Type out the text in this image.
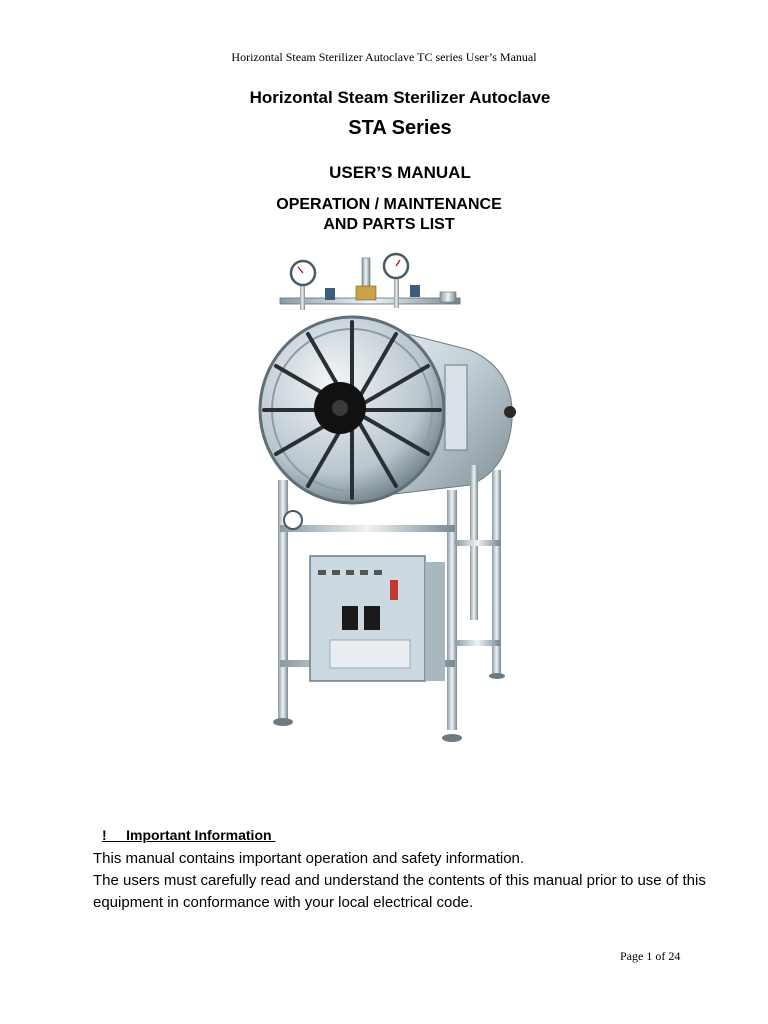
Horizontal Steam Sterilizer Autoclave TC series User’s Manual
Horizontal Steam Sterilizer Autoclave
STA Series
USER’S MANUAL
OPERATION / MAINTENANCE
AND PARTS LIST
!     Important Information

This manual contains important operation and safety information.

The users must carefully read and understand the contents of this manual prior to use of this equipment in conformance with your local electrical code.

Page 1 of 24
